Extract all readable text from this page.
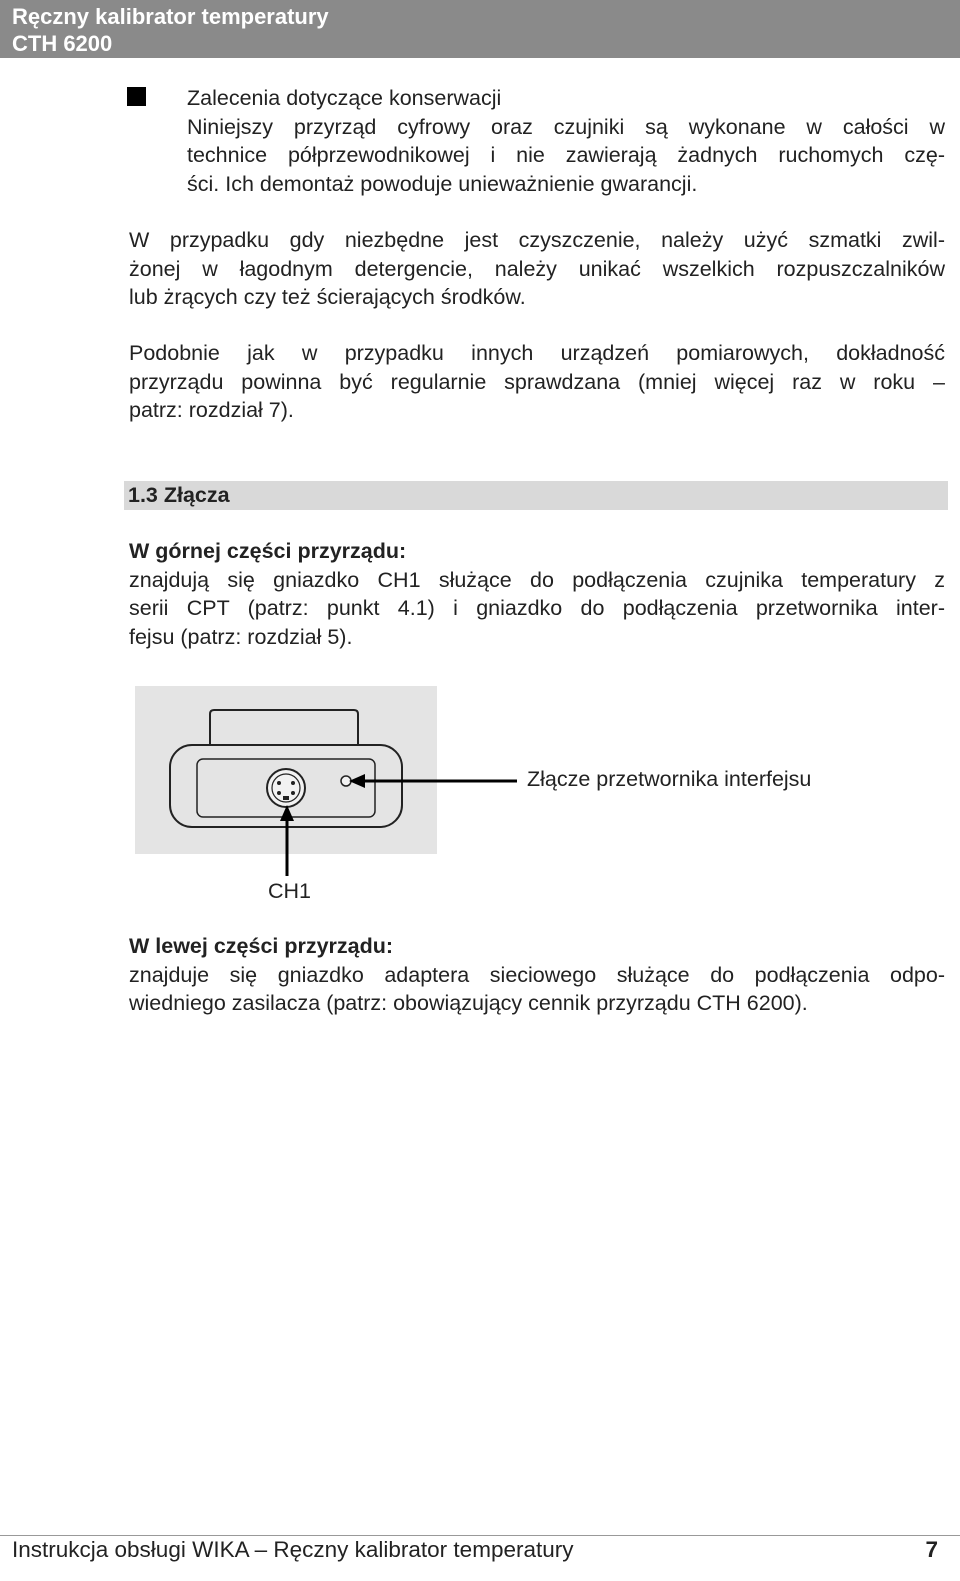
Ręczny kalibrator temperatury
CTH 6200
Zalecenia dotyczące konserwacji
Niniejszy przyrząd cyfrowy oraz czujniki są wykonane w całości w
technice półprzewodnikowej i nie zawierają żadnych ruchomych czę-
ści. Ich demontaż powoduje unieważnienie gwarancji.
W przypadku gdy niezbędne jest czyszczenie, należy użyć szmatki zwil-
żonej w łagodnym detergencie, należy unikać wszelkich rozpuszczalników
lub żrących czy też ścierających środków.
Podobnie jak w przypadku innych urządzeń pomiarowych, dokładność
przyrządu powinna być regularnie sprawdzana (mniej więcej raz w roku –
patrz: rozdział 7).
1.3 Złącza
W górnej części przyrządu:
znajdują się gniazdko CH1 służące do podłączenia czujnika temperatury z
serii CPT (patrz: punkt 4.1) i gniazdko do podłączenia przetwornika inter-
fejsu (patrz: rozdział 5).
Złącze przetwornika interfejsu
CH1
W lewej części przyrządu:
znajduje się gniazdko adaptera sieciowego służące do podłączenia odpo-
wiedniego zasilacza (patrz: obowiązujący cennik przyrządu CTH 6200).
Instrukcja obsługi WIKA – Ręczny kalibrator temperatury	7
